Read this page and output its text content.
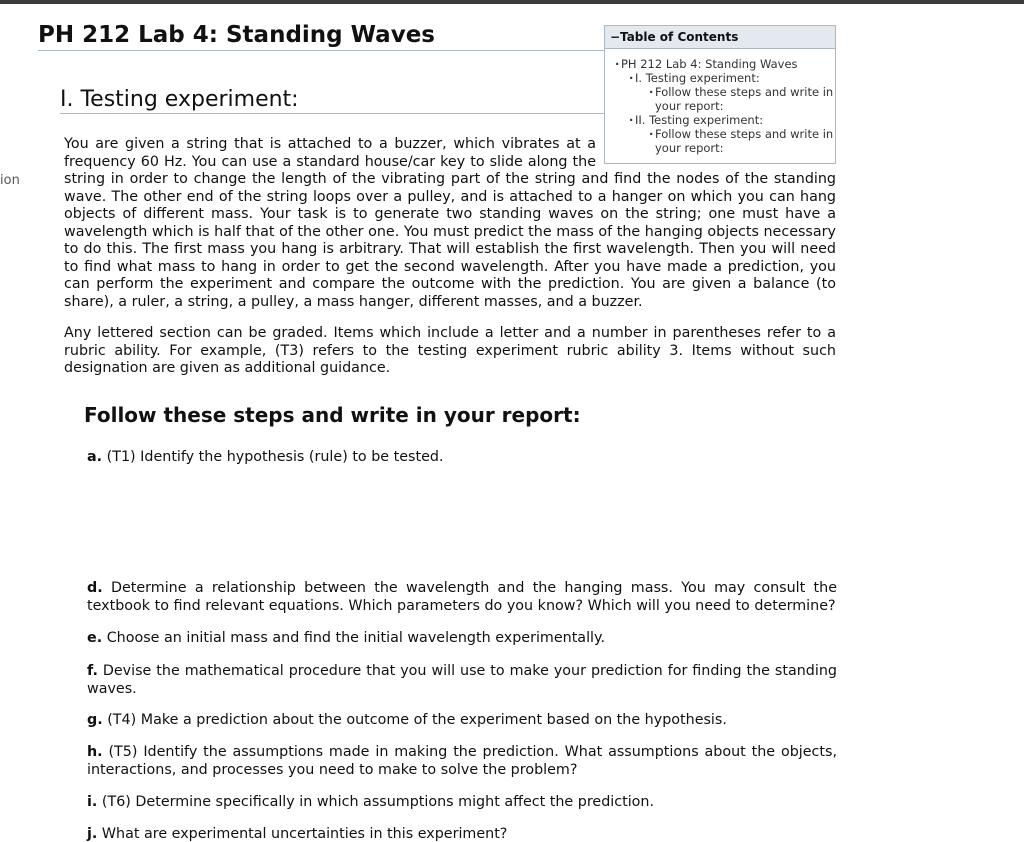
ion
PH 212 Lab 4: Standing Waves
I. Testing experiment:
−Table of Contents
· PH 212 Lab 4: Standing Waves
· I. Testing experiment:
· Follow these steps and write in your report:
· II. Testing experiment:
· Follow these steps and write in your report:
You are given a string that is attached to a buzzer, which vibrates at a frequency 60 Hz. You can use a standard house/car key to slide along the string in order to change the length of the vibrating part of the string and find the nodes of the standing wave. The other end of the string loops over a pulley, and is attached to a hanger on which you can hang objects of different mass. Your task is to generate two standing waves on the string; one must have a wavelength which is half that of the other one. You must predict the mass of the hanging objects necessary to do this. The first mass you hang is arbitrary. That will establish the first wavelength. Then you will need to find what mass to hang in order to get the second wavelength. After you have made a prediction, you can perform the experiment and compare the outcome with the prediction. You are given a balance (to share), a ruler, a string, a pulley, a mass hanger, different masses, and a buzzer.

Any lettered section can be graded. Items which include a letter and a number in parentheses refer to a rubric ability. For example, (T3) refers to the testing experiment rubric ability 3. Items without such designation are given as additional guidance.

Follow these steps and write in your report:

a. (T1) Identify the hypothesis (rule) to be tested.

d. Determine a relationship between the wavelength and the hanging mass. You may consult the textbook to find relevant equations. Which parameters do you know? Which will you need to determine?

e. Choose an initial mass and find the initial wavelength experimentally.

f. Devise the mathematical procedure that you will use to make your prediction for finding the standing waves.

g. (T4) Make a prediction about the outcome of the experiment based on the hypothesis.

h. (T5) Identify the assumptions made in making the prediction. What assumptions about the objects, interactions, and processes you need to make to solve the problem?

i. (T6) Determine specifically in which assumptions might affect the prediction.

j. What are experimental uncertainties in this experiment?
